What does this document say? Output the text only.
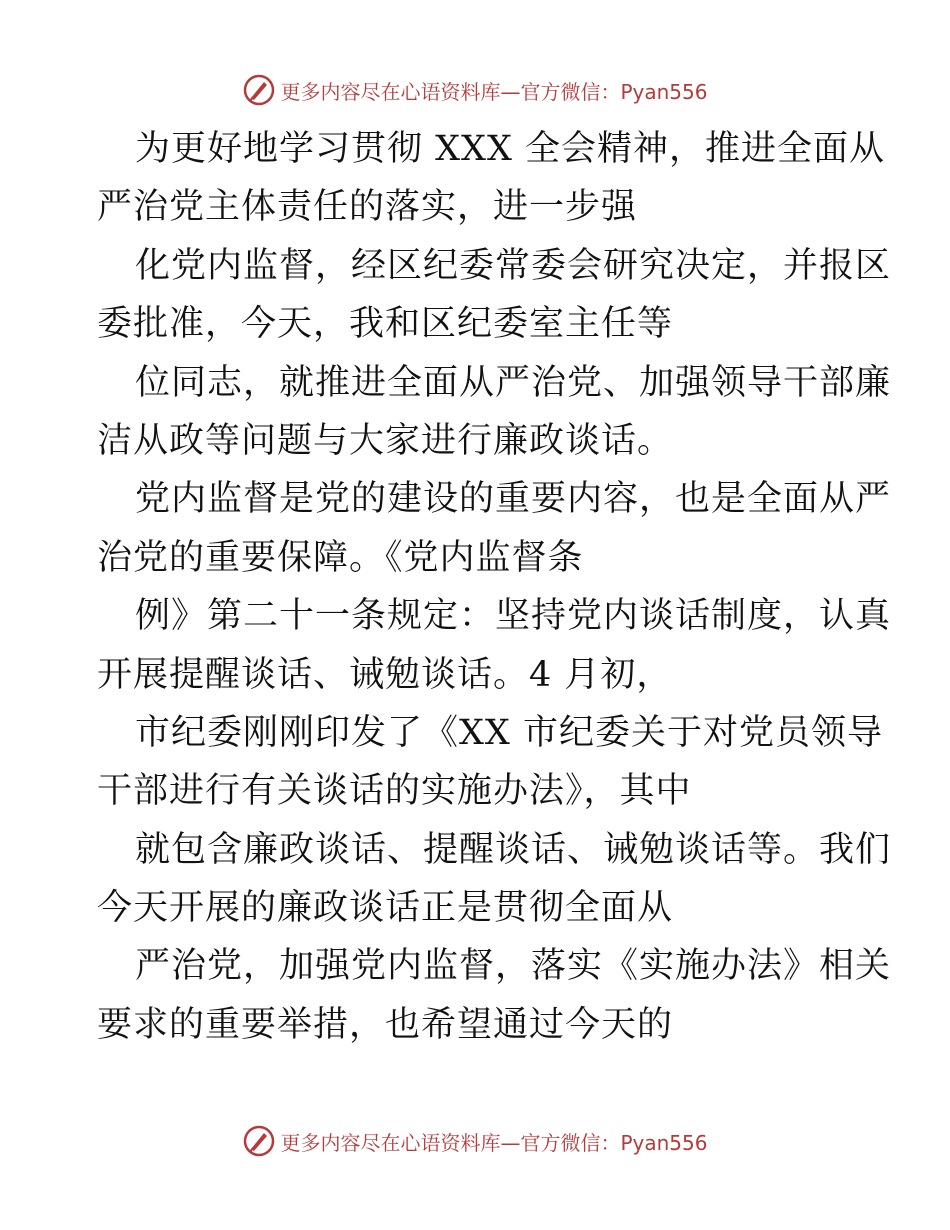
更多内容尽在心语资料库—官方微信：Pyan556
为更好地学习贯彻 XXX 全会精神，推进全面从
严治党主体责任的落实，进一步强
化党内监督，经区纪委常委会研究决定，并报区
委批准，今天，我和区纪委室主任等
位同志，就推进全面从严治党、加强领导干部廉
洁从政等问题与大家进行廉政谈话。
党内监督是党的建设的重要内容，也是全面从严
治党的重要保障。《党内监督条
例》第二十一条规定：坚持党内谈话制度，认真
开展提醒谈话、诫勉谈话。4 月初，
市纪委刚刚印发了《XX 市纪委关于对党员领导
干部进行有关谈话的实施办法》，其中
就包含廉政谈话、提醒谈话、诫勉谈话等。我们
今天开展的廉政谈话正是贯彻全面从
严治党，加强党内监督，落实《实施办法》相关
要求的重要举措，也希望通过今天的
更多内容尽在心语资料库—官方微信：Pyan556
